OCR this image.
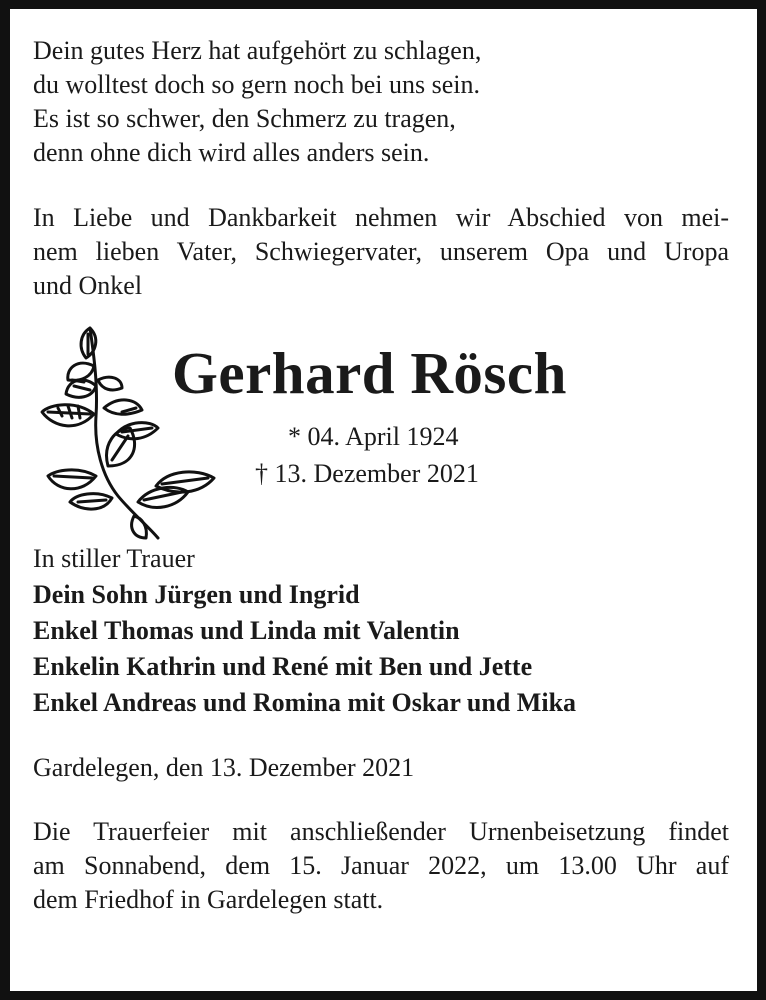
Dein gutes Herz hat aufgehört zu schlagen,

du wolltest doch so gern noch bei uns sein.

Es ist so schwer, den Schmerz zu tragen,

denn ohne dich wird alles anders sein.

In Liebe und Dankbarkeit nehmen wir Abschied von mei-
nem lieben Vater, Schwiegervater, unserem Opa und Uropa
und Onkel
Gerhard Rösch
* 04. April 1924
† 13. Dezember 2021

In stiller Trauer

Dein Sohn Jürgen und Ingrid

Enkel Thomas und Linda mit Valentin

Enkelin Kathrin und René mit Ben und Jette

Enkel Andreas und Romina mit Oskar und Mika

Gardelegen, den 13. Dezember 2021
Die Trauerfeier mit anschließender Urnenbeisetzung findet
am Sonnabend, dem 15. Januar 2022, um 13.00 Uhr auf
dem Friedhof in Gardelegen statt.
